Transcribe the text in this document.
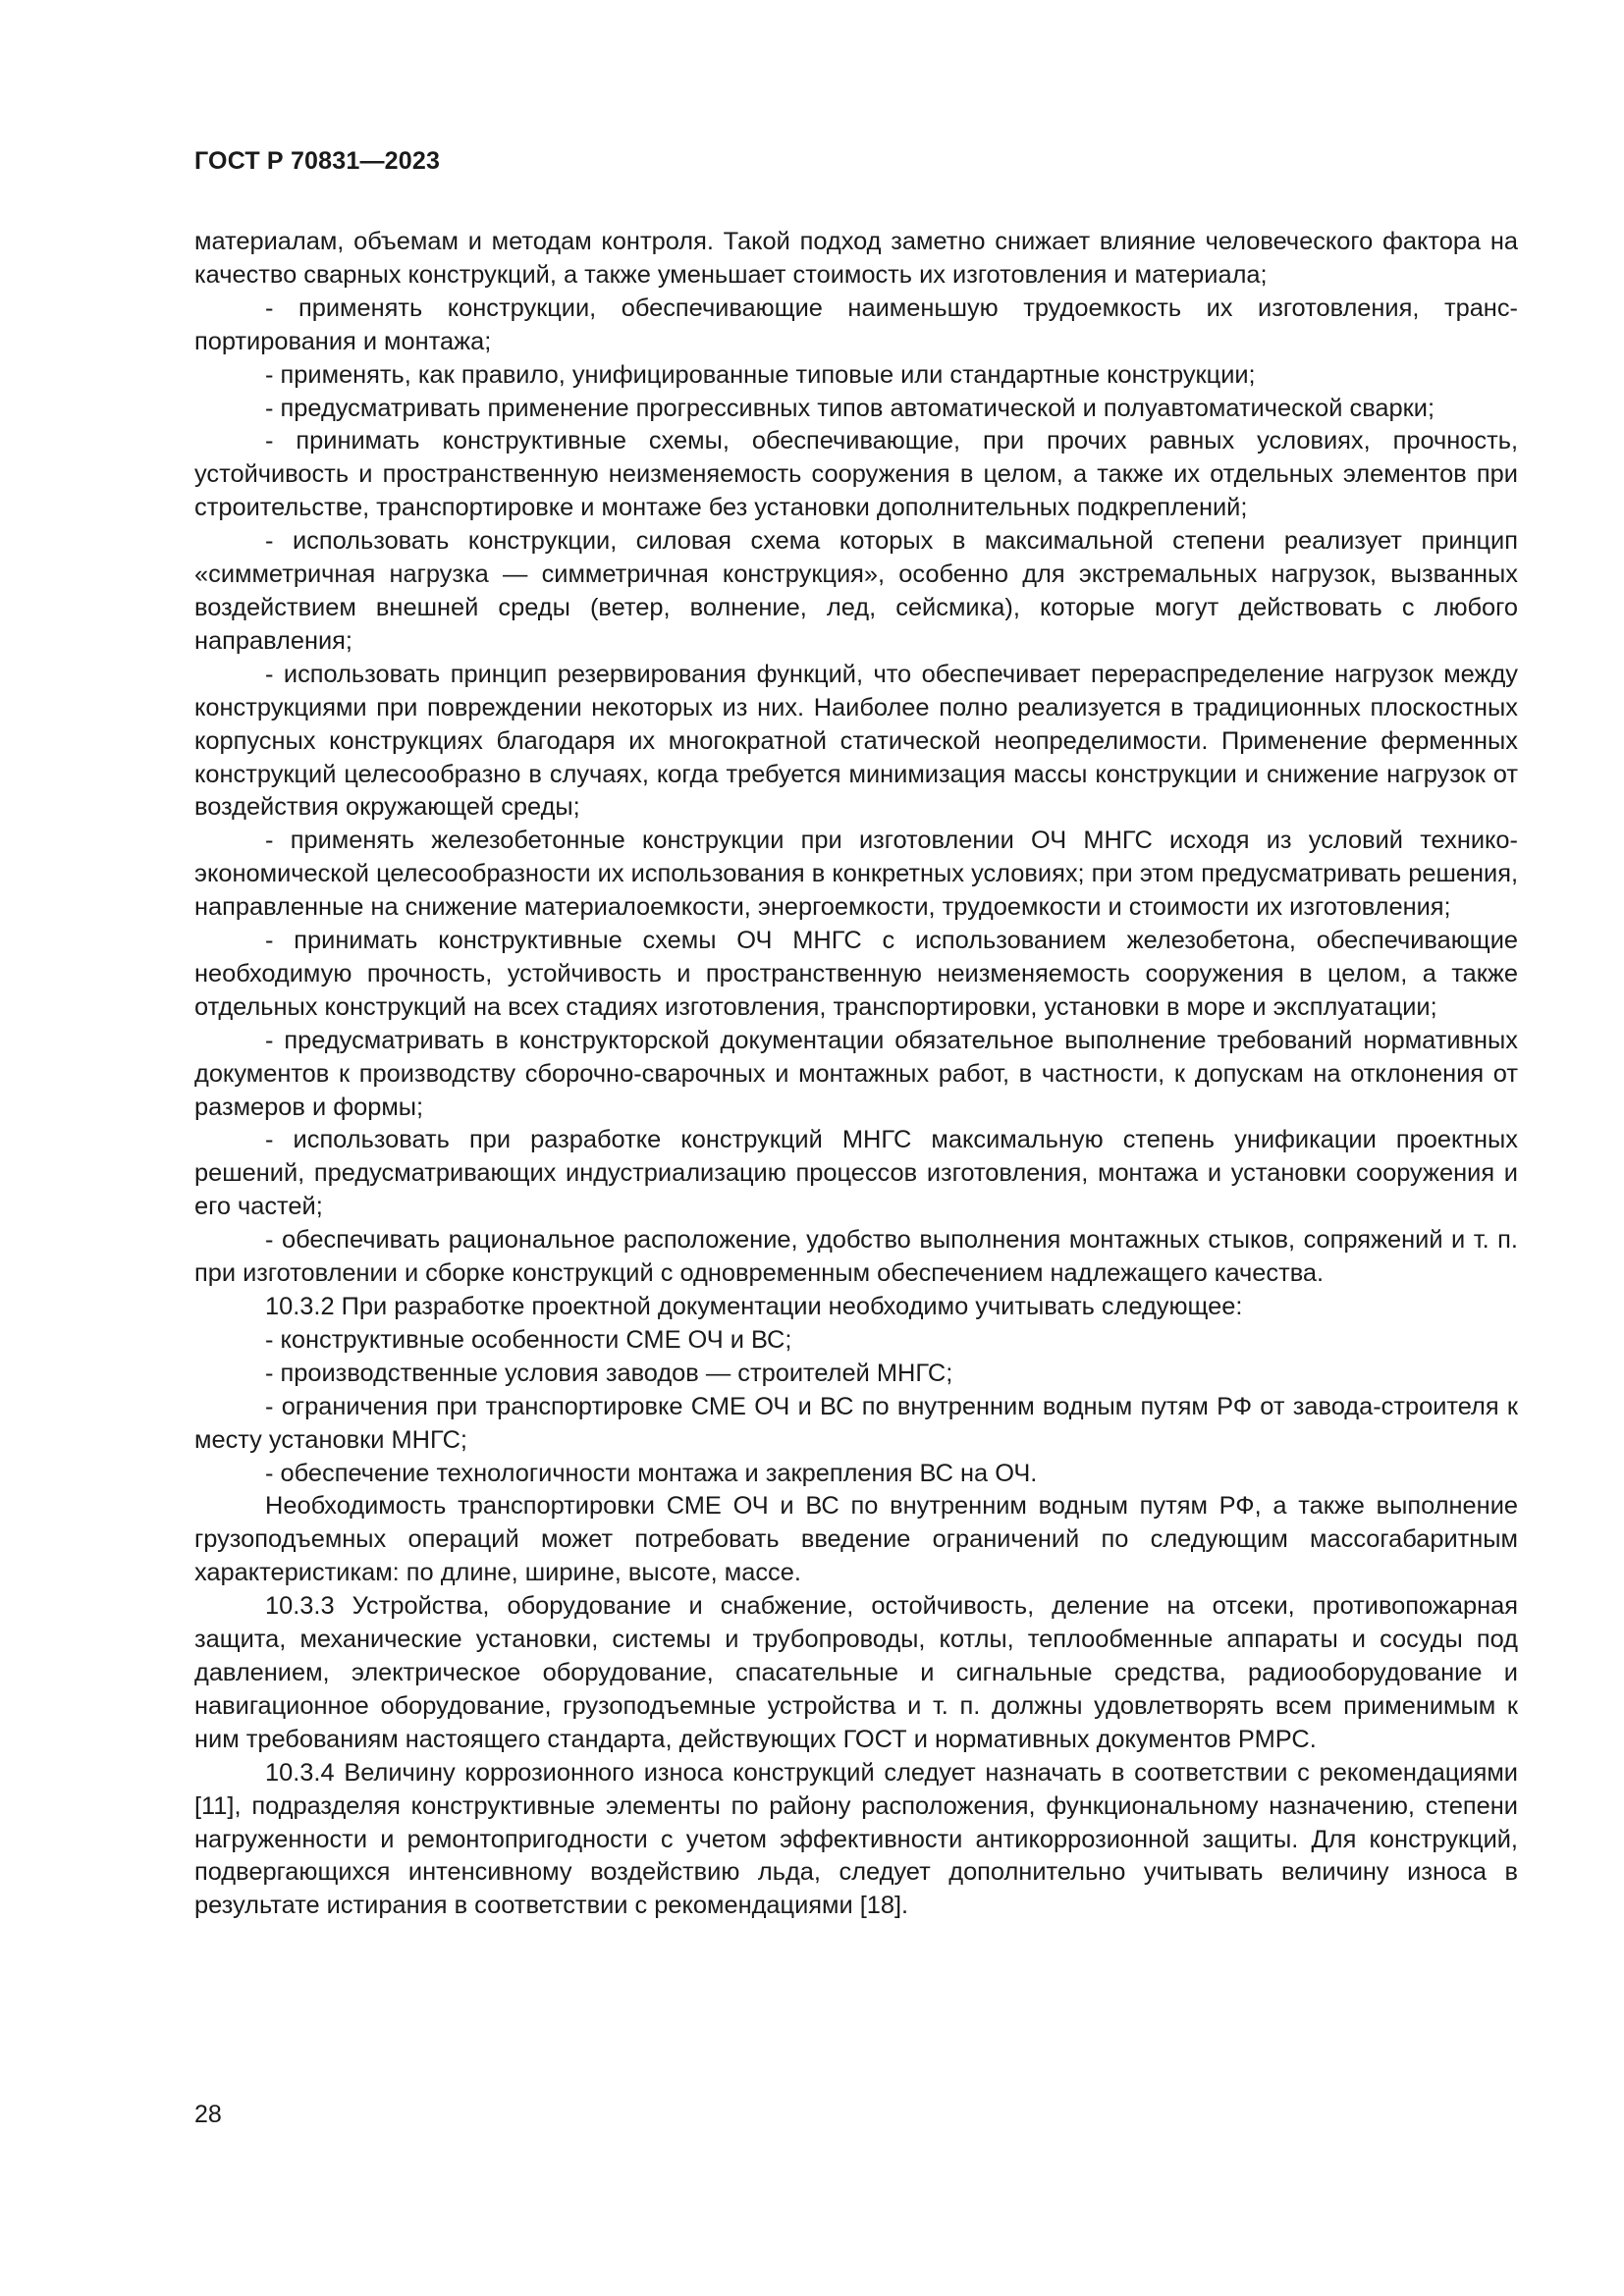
ГОСТ Р 70831—2023

материалам, объемам и методам контроля. Такой подход заметно снижает влияние человеческого фактора на качество сварных конструкций, а также уменьшает стоимость их изготовления и материала;

- применять конструкции, обеспечивающие наименьшую трудоемкость их изготовления, транспортирования и монтажа;

- применять, как правило, унифицированные типовые или стандартные конструкции;

- предусматривать применение прогрессивных типов автоматической и полуавтоматической сварки;

- принимать конструктивные схемы, обеспечивающие, при прочих равных условиях, прочность, устойчивость и пространственную неизменяемость сооружения в целом, а также их отдельных элементов при строительстве, транспортировке и монтаже без установки дополнительных подкреплений;

- использовать конструкции, силовая схема которых в максимальной степени реализует принцип «симметричная нагрузка — симметричная конструкция», особенно для экстремальных нагрузок, вызванных воздействием внешней среды (ветер, волнение, лед, сейсмика), которые могут действовать с любого направления;

- использовать принцип резервирования функций, что обеспечивает перераспределение нагрузок между конструкциями при повреждении некоторых из них. Наиболее полно реализуется в традиционных плоскостных корпусных конструкциях благодаря их многократной статической неопределимости. Применение ферменных конструкций целесообразно в случаях, когда требуется минимизация массы конструкции и снижение нагрузок от воздействия окружающей среды;

- применять железобетонные конструкции при изготовлении ОЧ МНГС исходя из условий технико-экономической целесообразности их использования в конкретных условиях; при этом предусматривать решения, направленные на снижение материалоемкости, энергоемкости, трудоемкости и стоимости их изготовления;

- принимать конструктивные схемы ОЧ МНГС с использованием железобетона, обеспечивающие необходимую прочность, устойчивость и пространственную неизменяемость сооружения в целом, а также отдельных конструкций на всех стадиях изготовления, транспортировки, установки в море и эксплуатации;

- предусматривать в конструкторской документации обязательное выполнение требований нормативных документов к производству сборочно-сварочных и монтажных работ, в частности, к допускам на отклонения от размеров и формы;

- использовать при разработке конструкций МНГС максимальную степень унификации проектных решений, предусматривающих индустриализацию процессов изготовления, монтажа и установки сооружения и его частей;

- обеспечивать рациональное расположение, удобство выполнения монтажных стыков, сопряжений и т. п. при изготовлении и сборке конструкций с одновременным обеспечением надлежащего качества.

10.3.2 При разработке проектной документации необходимо учитывать следующее:

- конструктивные особенности СМЕ ОЧ и ВС;

- производственные условия заводов — строителей МНГС;

- ограничения при транспортировке СМЕ ОЧ и ВС по внутренним водным путям РФ от завода-строителя к месту установки МНГС;

- обеспечение технологичности монтажа и закрепления ВС на ОЧ.

Необходимость транспортировки СМЕ ОЧ и ВС по внутренним водным путям РФ, а также выполнение грузоподъемных операций может потребовать введение ограничений по следующим массогабаритным характеристикам: по длине, ширине, высоте, массе.

10.3.3 Устройства, оборудование и снабжение, остойчивость, деление на отсеки, противопожарная защита, механические установки, системы и трубопроводы, котлы, теплообменные аппараты и сосуды под давлением, электрическое оборудование, спасательные и сигнальные средства, радиооборудование и навигационное оборудование, грузоподъемные устройства и т. п. должны удовлетворять всем применимым к ним требованиям настоящего стандарта, действующих ГОСТ и нормативных документов РМРС.

10.3.4 Величину коррозионного износа конструкций следует назначать в соответствии с рекомендациями [11], подразделяя конструктивные элементы по району расположения, функциональному назначению, степени нагруженности и ремонтопригодности с учетом эффективности антикоррозионной защиты. Для конструкций, подвергающихся интенсивному воздействию льда, следует дополнительно учитывать величину износа в результате истирания в соответствии с рекомендациями [18].

28
